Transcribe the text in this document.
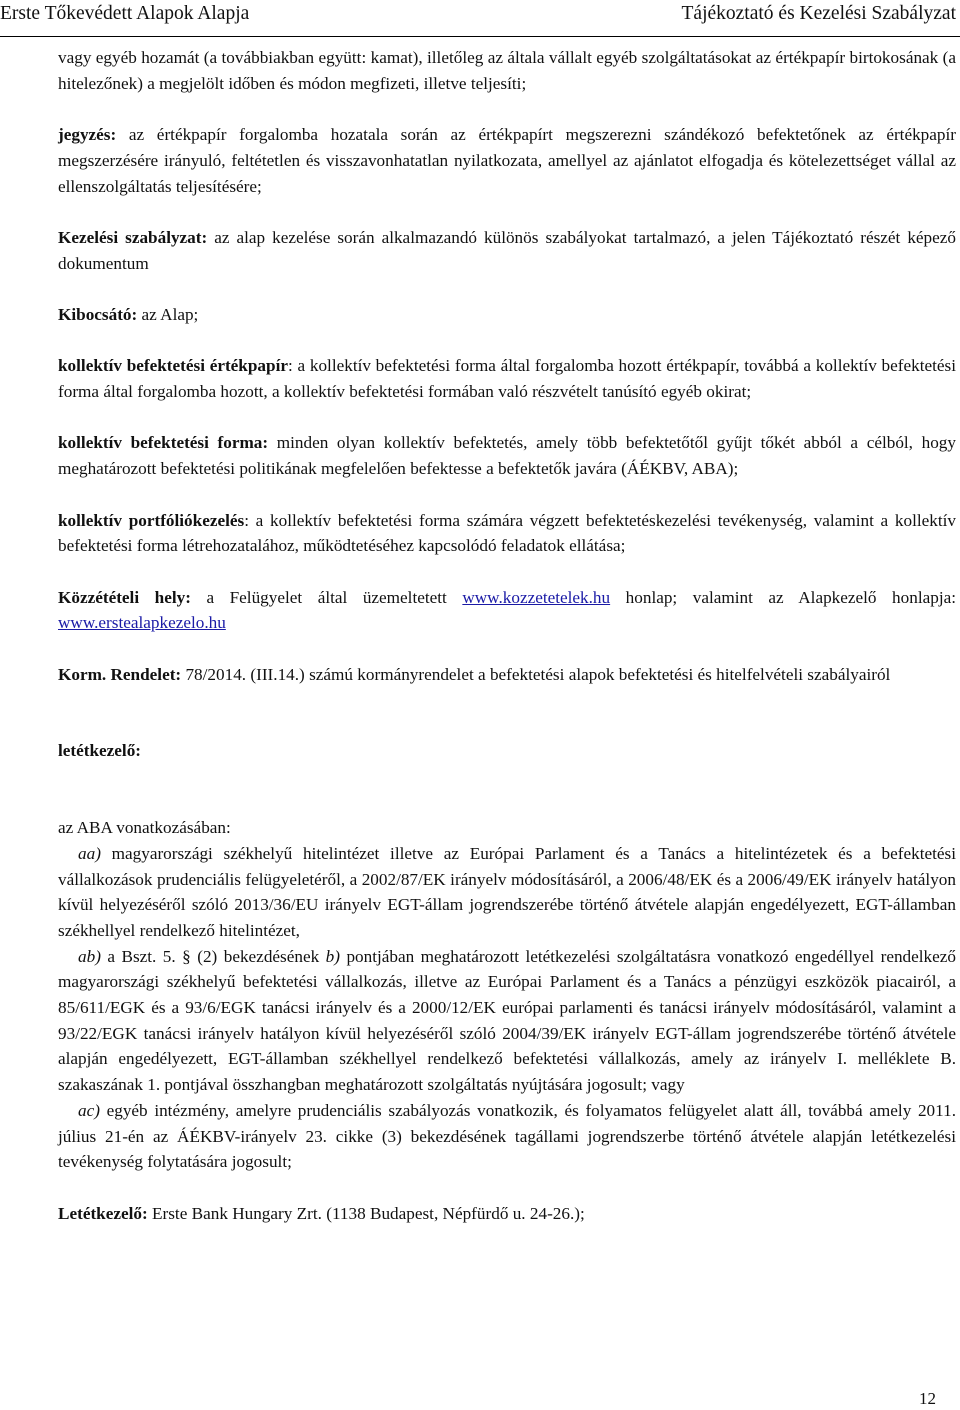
Erste Tőkevédett Alapok Alapja	Tájékoztató és Kezelési Szabályzat

vagy egyéb hozamát (a továbbiakban együtt: kamat), illetőleg az általa vállalt egyéb szolgáltatásokat az értékpapír birtokosának (a hitelezőnek) a megjelölt időben és módon megfizeti, illetve teljesíti;

jegyzés: az értékpapír forgalomba hozatala során az értékpapírt megszerezni szándékozó befektetőnek az értékpapír megszerzésére irányuló, feltétetlen és visszavonhatatlan nyilatkozata, amellyel az ajánlatot elfogadja és kötelezettséget vállal az ellenszolgáltatás teljesítésére;

Kezelési szabályzat: az alap kezelése során alkalmazandó különös szabályokat tartalmazó, a jelen Tájékoztató részét képező dokumentum

Kibocsátó: az Alap;

kollektív befektetési értékpapír: a kollektív befektetési forma által forgalomba hozott értékpapír, továbbá a kollektív befektetési forma által forgalomba hozott, a kollektív befektetési formában való részvételt tanúsító egyéb okirat;

kollektív befektetési forma: minden olyan kollektív befektetés, amely több befektetőtől gyűjt tőkét abból a célból, hogy meghatározott befektetési politikának megfelelően befektesse a befektetők javára (ÁÉKBV, ABA);

kollektív portfóliókezelés: a kollektív befektetési forma számára végzett befektetéskezelési tevékenység, valamint a kollektív befektetési forma létrehozatalához, működtetéséhez kapcsolódó feladatok ellátása;

Közzétételi hely: a Felügyelet által üzemeltetett www.kozzetetelek.hu honlap; valamint az Alapkezelő honlapja: www.erstealapkezelo.hu

Korm. Rendelet: 78/2014. (III.14.) számú kormányrendelet a befektetési alapok befektetési és hitelfelvételi szabályairól

letétkezelő:

az ABA vonatkozásában:

aa) magyarországi székhelyű hitelintézet illetve az Európai Parlament és a Tanács a hitelintézetek és a befektetési vállalkozások prudenciális felügyeletéről, a 2002/87/EK irányelv módosításáról, a 2006/48/EK és a 2006/49/EK irányelv hatályon kívül helyezéséről szóló 2013/36/EU irányelv EGT-állam jogrendszerébe történő átvétele alapján engedélyezett, EGT-államban székhellyel rendelkező hitelintézet,

ab) a Bszt. 5. § (2) bekezdésének b) pontjában meghatározott letétkezelési szolgáltatásra vonatkozó engedéllyel rendelkező magyarországi székhelyű befektetési vállalkozás, illetve az Európai Parlament és a Tanács a pénzügyi eszközök piacairól, a 85/611/EGK és a 93/6/EGK tanácsi irányelv és a 2000/12/EK európai parlamenti és tanácsi irányelv módosításáról, valamint a 93/22/EGK tanácsi irányelv hatályon kívül helyezéséről szóló 2004/39/EK irányelv EGT-állam jogrendszerébe történő átvétele alapján engedélyezett, EGT-államban székhellyel rendelkező befektetési vállalkozás, amely az irányelv I. melléklete B. szakaszának 1. pontjával összhangban meghatározott szolgáltatás nyújtására jogosult; vagy

ac) egyéb intézmény, amelyre prudenciális szabályozás vonatkozik, és folyamatos felügyelet alatt áll, továbbá amely 2011. július 21-én az ÁÉKBV-irányelv 23. cikke (3) bekezdésének tagállami jogrendszerbe történő átvétele alapján letétkezelési tevékenység folytatására jogosult;

Letétkezelő: Erste Bank Hungary Zrt. (1138 Budapest, Népfürdő u. 24-26.);

12
